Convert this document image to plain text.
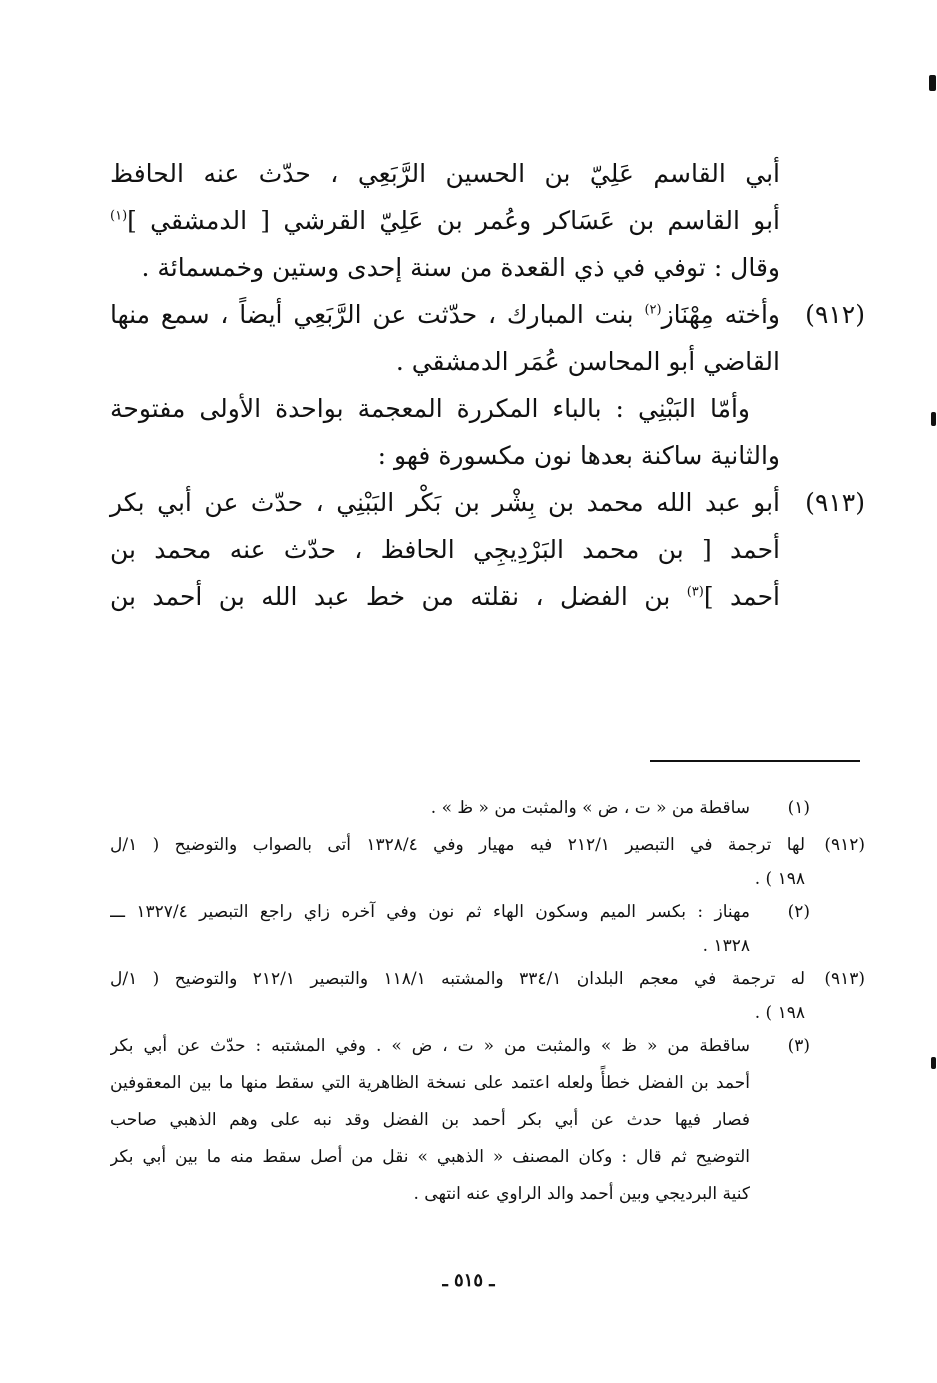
أبي القاسم عَلِيّ بن الحسين الرَّبَعِي ، حدّث عنه الحافظ
أبو القاسم بن عَسَاكر وعُمر بن عَلِيّ القرشي [ الدمشقي ]$^{(١)}$
وقال : توفي في ذي القعدة من سنة إحدى وستين وخمسمائة .
(٩١٢)
وأخته مِهْنَاز$^{(٢)}$ بنت المبارك ، حدّثت عن الرَّبَعِي أيضاً ، سمع منها
القاضي أبو المحاسن عُمَر الدمشقي .
وأمّا البَبْنِي : بالباء المكررة المعجمة بواحدة الأولى مفتوحة
والثانية ساكنة بعدها نون مكسورة فهو :
(٩١٣)
أبو عبد الله محمد بن بِشْر بن بَكْر البَبْنِي ، حدّث عن أبي بكر
أحمد [ بن محمد البَرْدِيجِي الحافظ ، حدّث عنه محمد بن
أحمد ]$^{(٣)}$ بن الفضل ، نقلته من خط عبد الله بن أحمد بن
(١)
ساقطة من « ت ، ض » والمثبت من « ظ » .
(٩١٢)
لها ترجمة في التبصير ٢١٢/١ فيه مهيار وفي ١٣٢٨/٤ أتى بالصواب والتوضيح ( ١/ل
١٩٨ ) .
(٢)
مهناز : بكسر الميم وسكون الهاء ثم نون وفي آخره زاي راجع التبصير ١٣٢٧/٤ ـــ
١٣٢٨ .
(٩١٣)
له ترجمة في معجم البلدان ٣٣٤/١ والمشتبه ١١٨/١ والتبصير ٢١٢/١ والتوضيح ( ١/ل
١٩٨ ) .
(٣)
ساقطة من « ظ » والمثبت من « ت ، ض » . وفي المشتبه : حدّث عن أبي بكر
أحمد بن الفضل خطأً ولعله اعتمد على نسخة الظاهرية التي سقط منها ما بين المعقوفين
فصار فيها حدث عن أبي بكر أحمد بن الفضل وقد نبه على وهم الذهبي صاحب
التوضيح ثم قال : وكان المصنف « الذهبي » نقل من أصل سقط منه ما بين أبي بكر
كنية البرديجي وبين أحمد والد الراوي عنه انتهى .
ـ ٥١٥ ـ
